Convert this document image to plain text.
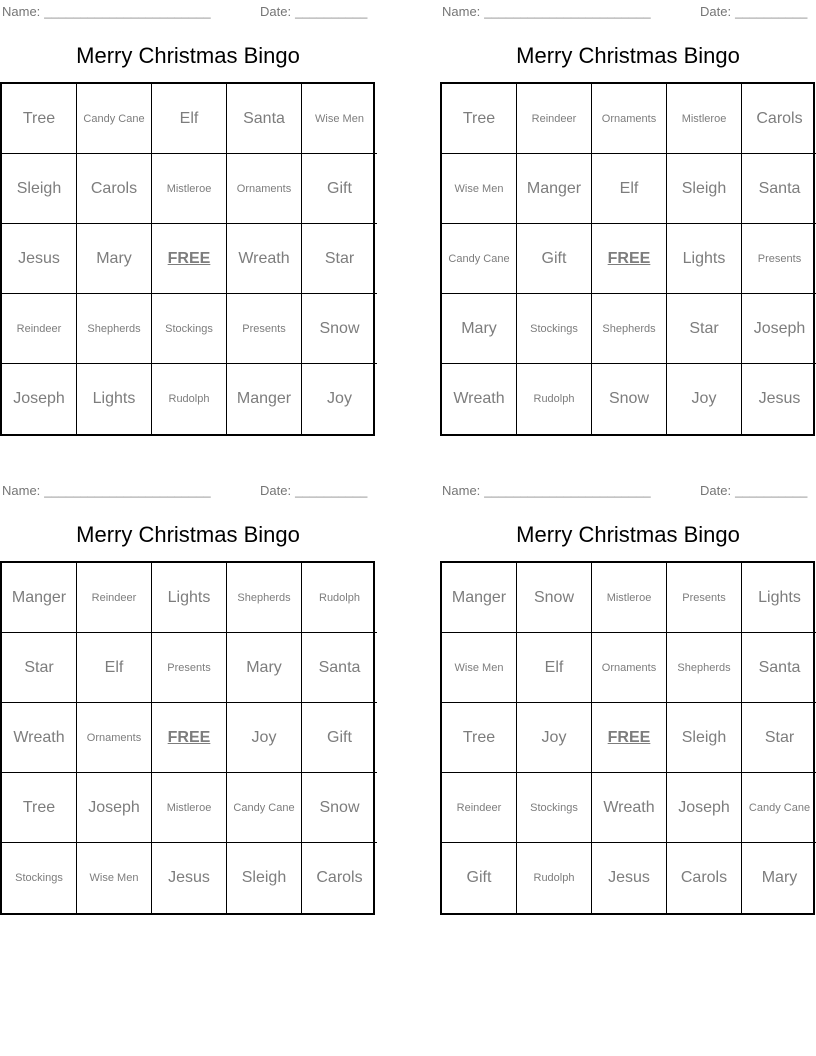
Name: _______________________	Date: __________
Merry Christmas Bingo
Tree	Candy Cane	Elf	Santa	Wise Men
Sleigh	Carols	Mistleroe	Ornaments	Gift
Jesus	Mary	FREE	Wreath	Star
Reindeer	Shepherds	Stockings	Presents	Snow
Joseph	Lights	Rudolph	Manger	Joy
Name: _______________________	Date: __________
Merry Christmas Bingo
Tree	Reindeer	Ornaments	Mistleroe	Carols
Wise Men	Manger	Elf	Sleigh	Santa
Candy Cane	Gift	FREE	Lights	Presents
Mary	Stockings	Shepherds	Star	Joseph
Wreath	Rudolph	Snow	Joy	Jesus
Name: _______________________	Date: __________
Merry Christmas Bingo
Manger	Reindeer	Lights	Shepherds	Rudolph
Star	Elf	Presents	Mary	Santa
Wreath	Ornaments	FREE	Joy	Gift
Tree	Joseph	Mistleroe	Candy Cane	Snow
Stockings	Wise Men	Jesus	Sleigh	Carols
Name: _______________________	Date: __________
Merry Christmas Bingo
Manger	Snow	Mistleroe	Presents	Lights
Wise Men	Elf	Ornaments	Shepherds	Santa
Tree	Joy	FREE	Sleigh	Star
Reindeer	Stockings	Wreath	Joseph	Candy Cane
Gift	Rudolph	Jesus	Carols	Mary
